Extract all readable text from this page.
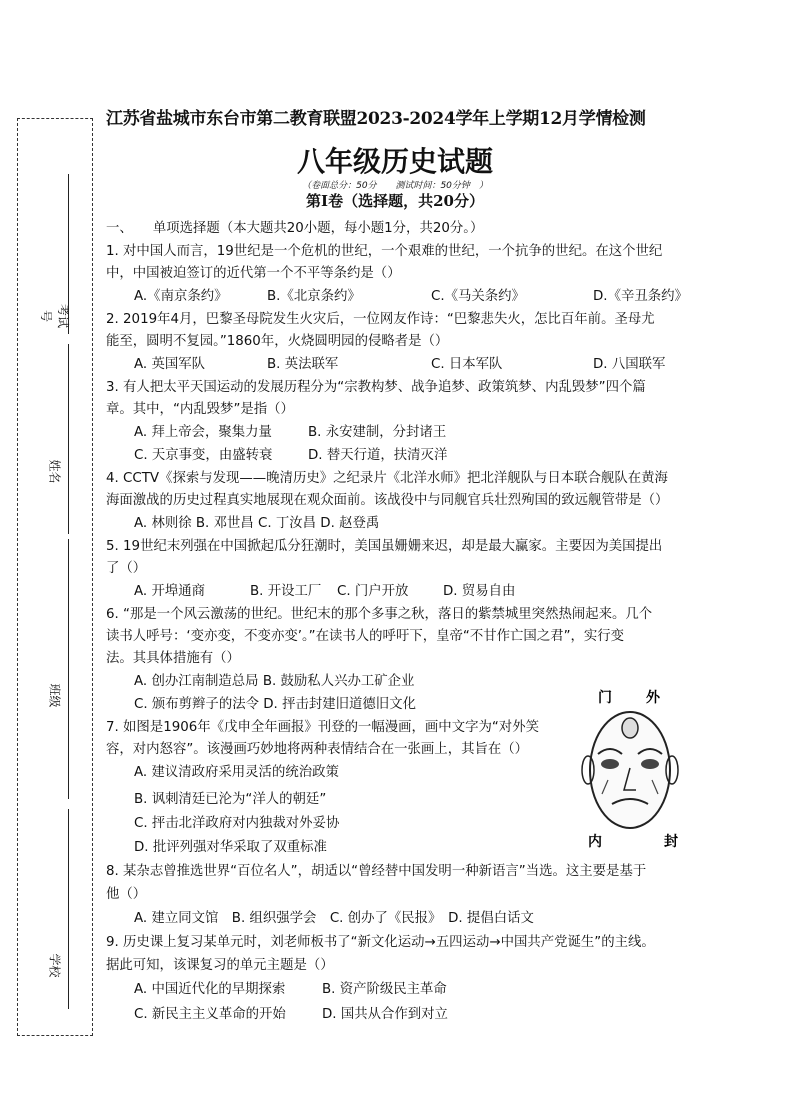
考试号
姓名
班级
学校
江苏省盐城市东台市第二教育联盟2023-2024学年上学期12月学情检测
八年级历史试题
（卷面总分：50分 测试时间：50分钟　）
第Ⅰ卷（选择题，共20分）
一、　　单项选择题（本大题共20小题，每小题1分，共20分。）
1. 对中国人而言，19世纪是一个危机的世纪，一个艰难的世纪，一个抗争的世纪。在这个世纪
中，中国被迫签订的近代第一个不平等条约是（）
A.《南京条约》	B.《北京条约》	C.《马关条约》	D.《辛丑条约》
2. 2019年4月，巴黎圣母院发生火灾后，一位网友作诗：“巴黎悲失火，怎比百年前。圣母尤
能至，圆明不复园。”1860年，火烧圆明园的侵略者是（）
A. 英国军队	B. 英法联军	C. 日本军队	D. 八国联军
3. 有人把太平天国运动的发展历程分为“宗教构梦、战争追梦、政策筑梦、内乱毁梦”四个篇
章。其中，“内乱毁梦”是指（）
A. 拜上帝会，聚集力量	B. 永安建制，分封诸王
C. 天京事变，由盛转衰	D. 替天行道，扶清灭洋
4. CCTV《探索与发现——晚清历史》之纪录片《北洋水师》把北洋舰队与日本联合舰队在黄海
海面激战的历史过程真实地展现在观众面前。该战役中与同舰官兵壮烈殉国的致远舰管带是（）
A. 林则徐 B. 邓世昌 C. 丁汝昌 D. 赵登禹
5. 19世纪末列强在中国掀起瓜分狂潮时，美国虽姗姗来迟，却是最大赢家。主要因为美国提出
了（）
A. 开埠通商	B. 开设工厂 C. 门户开放	D. 贸易自由
6. “那是一个风云激荡的世纪。世纪末的那个多事之秋，落日的紫禁城里突然热闹起来。几个
读书人呼号：‘变亦变，不变亦变’。”在读书人的呼吁下，皇帝“不甘作亡国之君”，实行变
法。其具体措施有（）
A. 创办江南制造总局 B. 鼓励私人兴办工矿企业
C. 颁布剪辫子的法令 D. 抨击封建旧道德旧文化
7. 如图是1906年《戊申全年画报》刊登的一幅漫画，画中文字为“对外笑
容，对内怒容”。该漫画巧妙地将两种表情结合在一张画上，其旨在（）
A. 建议清政府采用灵活的统治政策
B. 讽刺清廷已沦为“洋人的朝廷”
C. 抨击北洋政府对内独裁对外妥协
D. 批评列强对华采取了双重标准
门 外
内	封
8. 某杂志曾推选世界“百位名人”，胡适以“曾经替中国发明一种新语言”当选。这主要是基于
他（）
A. 建立同文馆　B. 组织强学会　C. 创办了《民报》　D. 提倡白话文
9. 历史课上复习某单元时，刘老师板书了“新文化运动→五四运动→中国共产党诞生”的主线。
据此可知，该课复习的单元主题是（）
A. 中国近代化的早期探索	B. 资产阶级民主革命
C. 新民主主义革命的开始	D. 国共从合作到对立
